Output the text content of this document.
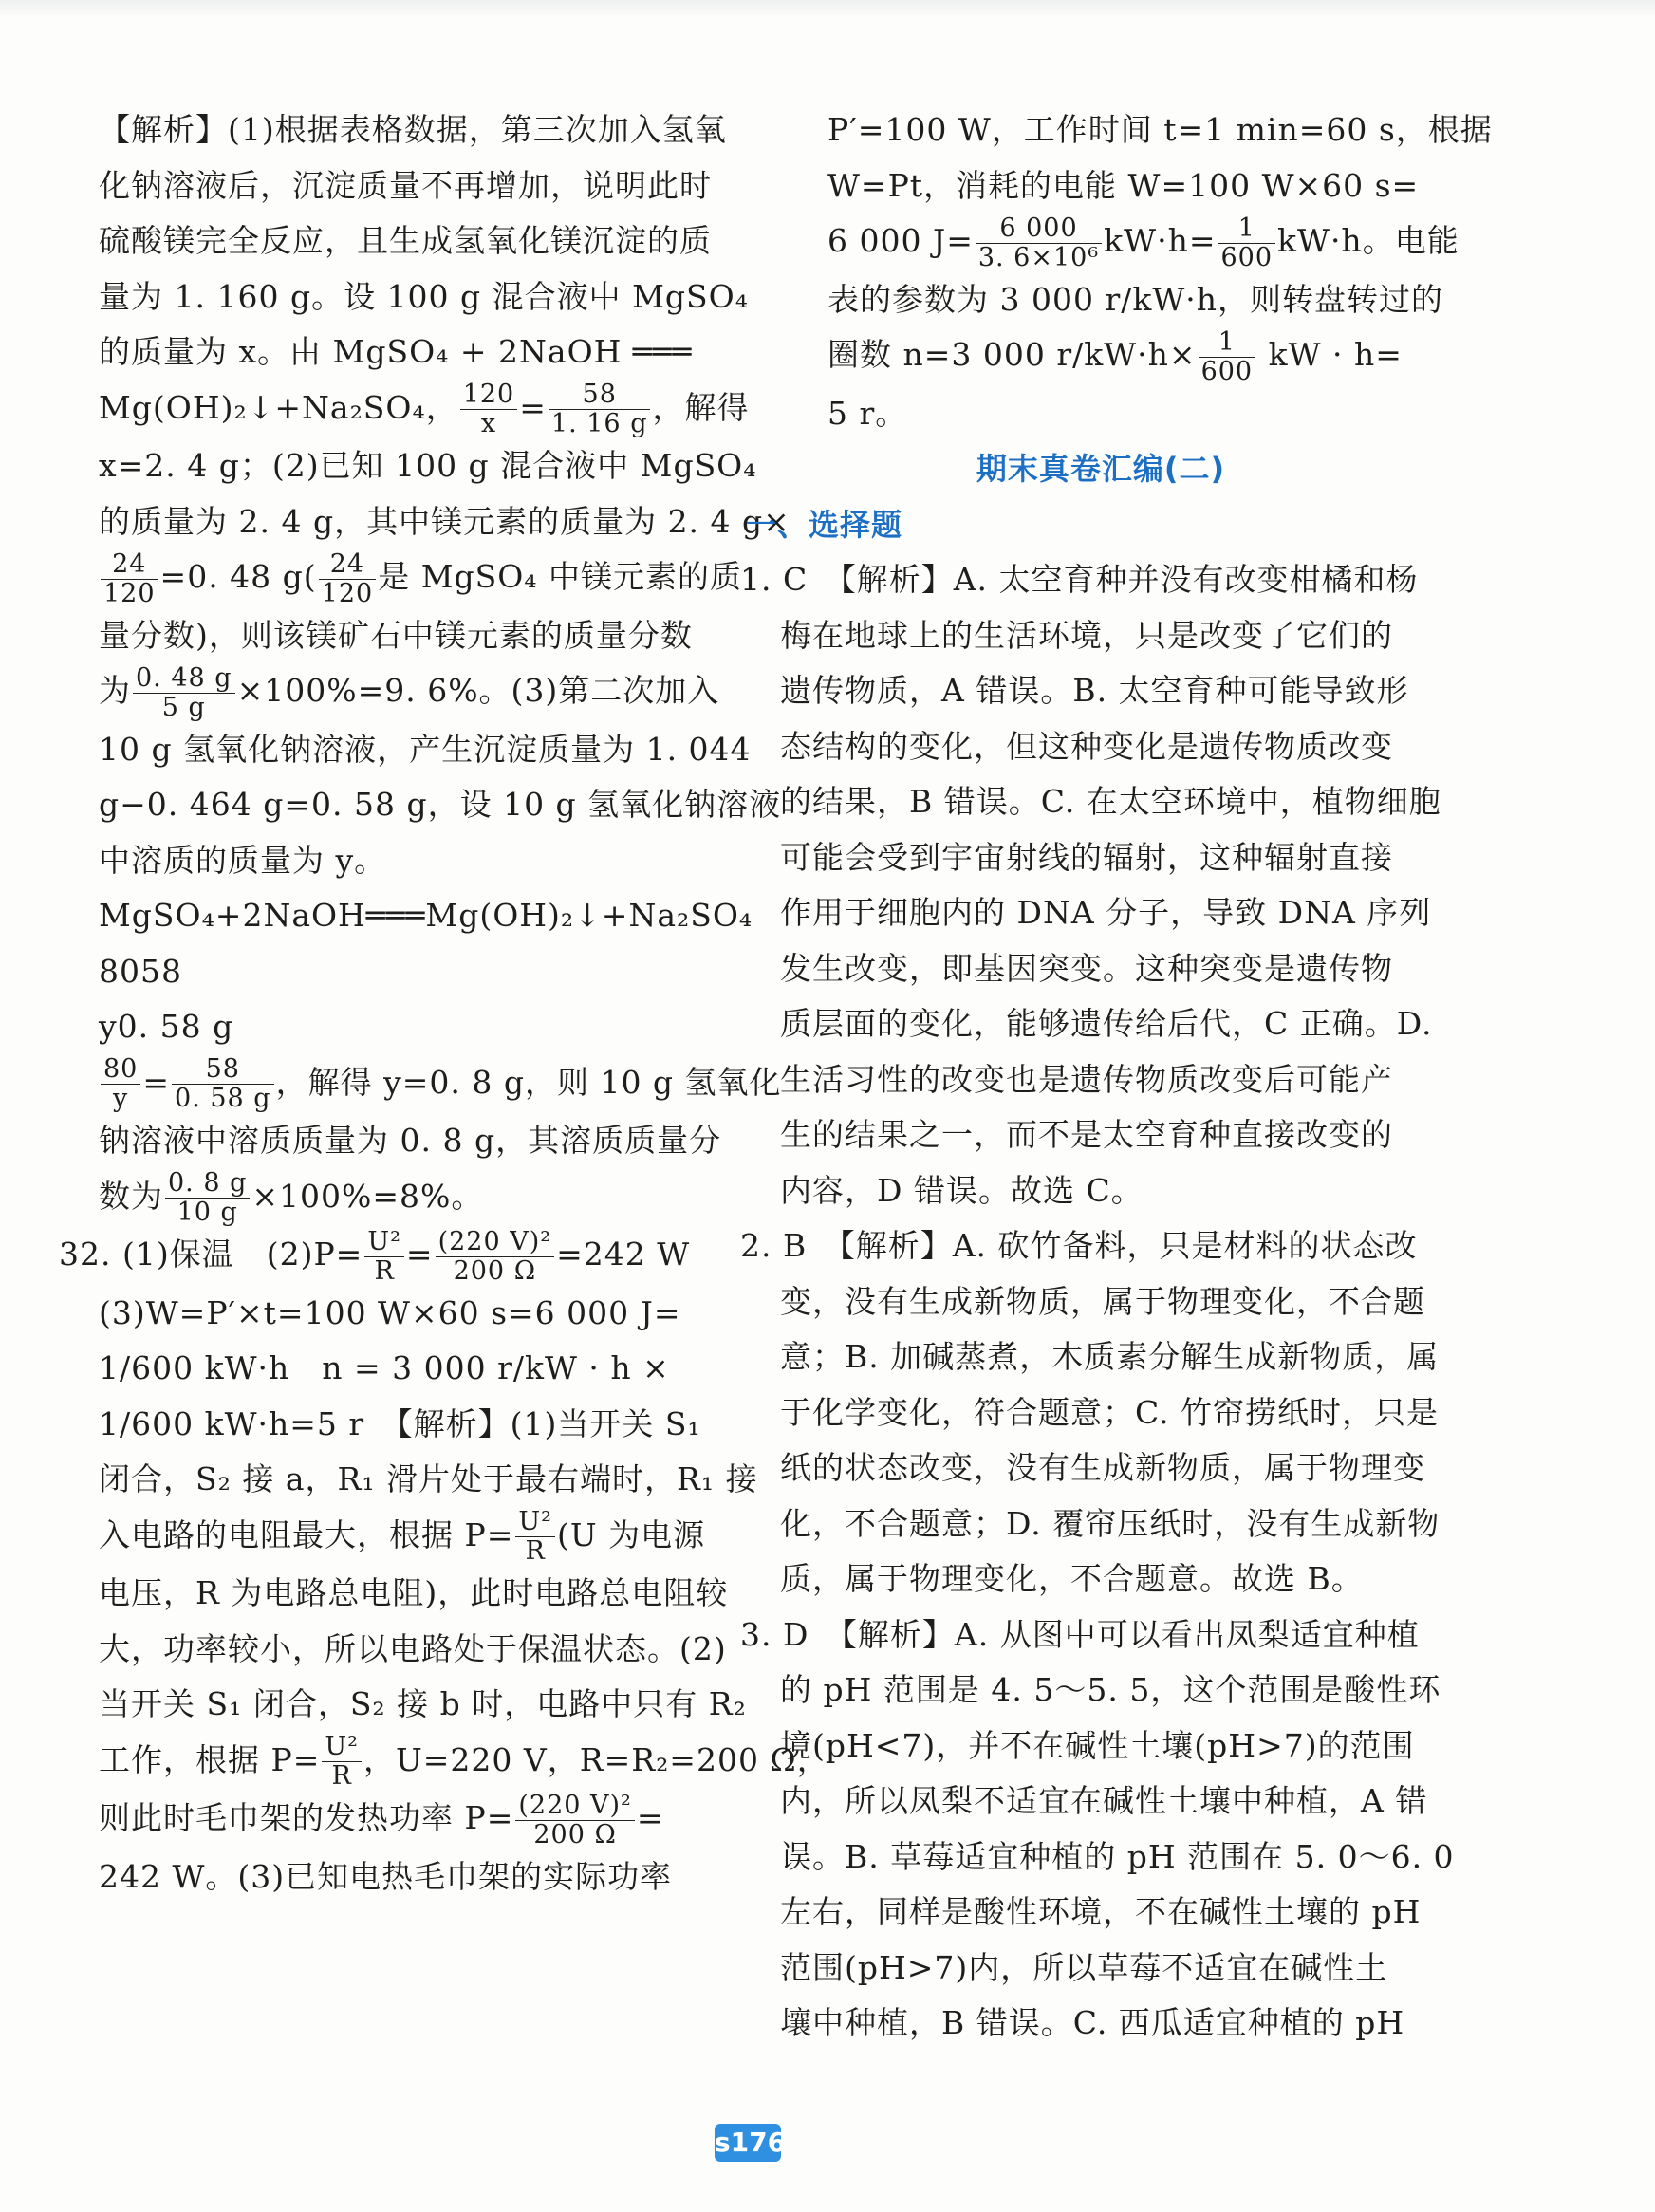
【解析】(1)根据表格数据，第三次加入氢氧
化钠溶液后，沉淀质量不再增加，说明此时
硫酸镁完全反应，且生成氢氧化镁沉淀的质
量为 1. 160 g。设 100 g 混合液中 MgSO₄
的质量为 x。由 MgSO₄ + 2NaOH ═══
Mg(OH)₂↓+Na₂SO₄， $\frac{120}{x} = \frac{58}{1. 16 g}$ ，解得
x=2. 4 g；(2)已知 100 g 混合液中 MgSO₄
的质量为 2. 4 g，其中镁元素的质量为 2. 4 g×
$\frac{24}{120} =0$. 48 $g( \frac{24}{120}$ 是 MgSO₄ 中镁元素的质
量分数)，则该镁矿石中镁元素的质量分数
为 $\frac{0. 48 g}{5 g} \times 100\%=9$. 6%。(3)第二次加入
10 g 氢氧化钠溶液，产生沉淀质量为 1. 044
g−0. 464 g=0. 58 g，设 10 g 氢氧化钠溶液
中溶质的质量为 y。
MgSO₄+2NaOH═══Mg(OH)₂↓+Na₂SO₄
8058
y0. 58 g
$\frac{80}{y} = \frac{58}{0. 58 g}$ ，解得 y=0. 8 g，则 10 g 氢氧化
钠溶液中溶质质量为 0. 8 g，其溶质质量分
数为 $\frac{0. 8 g}{10 g} \times 100\%=8\%$。
32. (1)保温　$(2)P= \frac{\text{U²}}{R} = \frac{\text{(220 V)²}}{200 \Omega} =242$ W
(3)W=P′×t=100 W×60 s=6 000 J=
1/600 kW·h　n = 3 000 r/kW · h ×
1/600 kW·h=5 r　【解析】(1)当开关 S₁
闭合，S₂ 接 a，R₁ 滑片处于最右端时，R₁ 接
入电路的电阻最大，根据 $P= \frac{\text{U²}}{R} (U$ 为电源
电压，R 为电路总电阻)，此时电路总电阻较
大，功率较小，所以电路处于保温状态。(2)
当开关 S₁ 闭合，S₂ 接 b 时，电路中只有 R₂
工作，根据 $P= \frac{\text{U²}}{R}$ ，U=220 V，R=R₂=200 Ω，
则此时毛巾架的发热功率 $P= \frac{\text{(220 V)²}}{200 \Omega}$ =
242 W。(3)已知电热毛巾架的实际功率
P′=100 W，工作时间 t=1 min=60 s，根据
W=Pt，消耗的电能 W=100 W×60 s=
6 000 $J= \frac{6 000}{\text{3. 6×10⁶}} kW\cdot h= \frac{1}{600} kW\cdot h$。电能
表的参数为 3 000 r/kW·h，则转盘转过的
圈数 n=3 000 $r/kW\cdot h\times \frac{1}{600}$ kW · h=
5 r。
期末真卷汇编(二)
一、选择题
1. C　【解析】A. 太空育种并没有改变柑橘和杨
梅在地球上的生活环境，只是改变了它们的
遗传物质，A 错误。B. 太空育种可能导致形
态结构的变化，但这种变化是遗传物质改变
的结果，B 错误。C. 在太空环境中，植物细胞
可能会受到宇宙射线的辐射，这种辐射直接
作用于细胞内的 DNA 分子，导致 DNA 序列
发生改变，即基因突变。这种突变是遗传物
质层面的变化，能够遗传给后代，C 正确。D.
生活习性的改变也是遗传物质改变后可能产
生的结果之一，而不是太空育种直接改变的
内容，D 错误。故选 C。
2. B　【解析】A. 砍竹备料，只是材料的状态改
变，没有生成新物质，属于物理变化，不合题
意；B. 加碱蒸煮，木质素分解生成新物质，属
于化学变化，符合题意；C. 竹帘捞纸时，只是
纸的状态改变，没有生成新物质，属于物理变
化，不合题意；D. 覆帘压纸时，没有生成新物
质，属于物理变化，不合题意。故选 B。
3. D　【解析】A. 从图中可以看出凤梨适宜种植
的 pH 范围是 4. 5～5. 5，这个范围是酸性环
境(pH<7)，并不在碱性土壤(pH>7)的范围
内，所以凤梨不适宜在碱性土壤中种植，A 错
误。B. 草莓适宜种植的 pH 范围在 5. 0～6. 0
左右，同样是酸性环境，不在碱性土壤的 pH
范围(pH>7)内，所以草莓不适宜在碱性土
壤中种植，B 错误。C. 西瓜适宜种植的 pH
s176
